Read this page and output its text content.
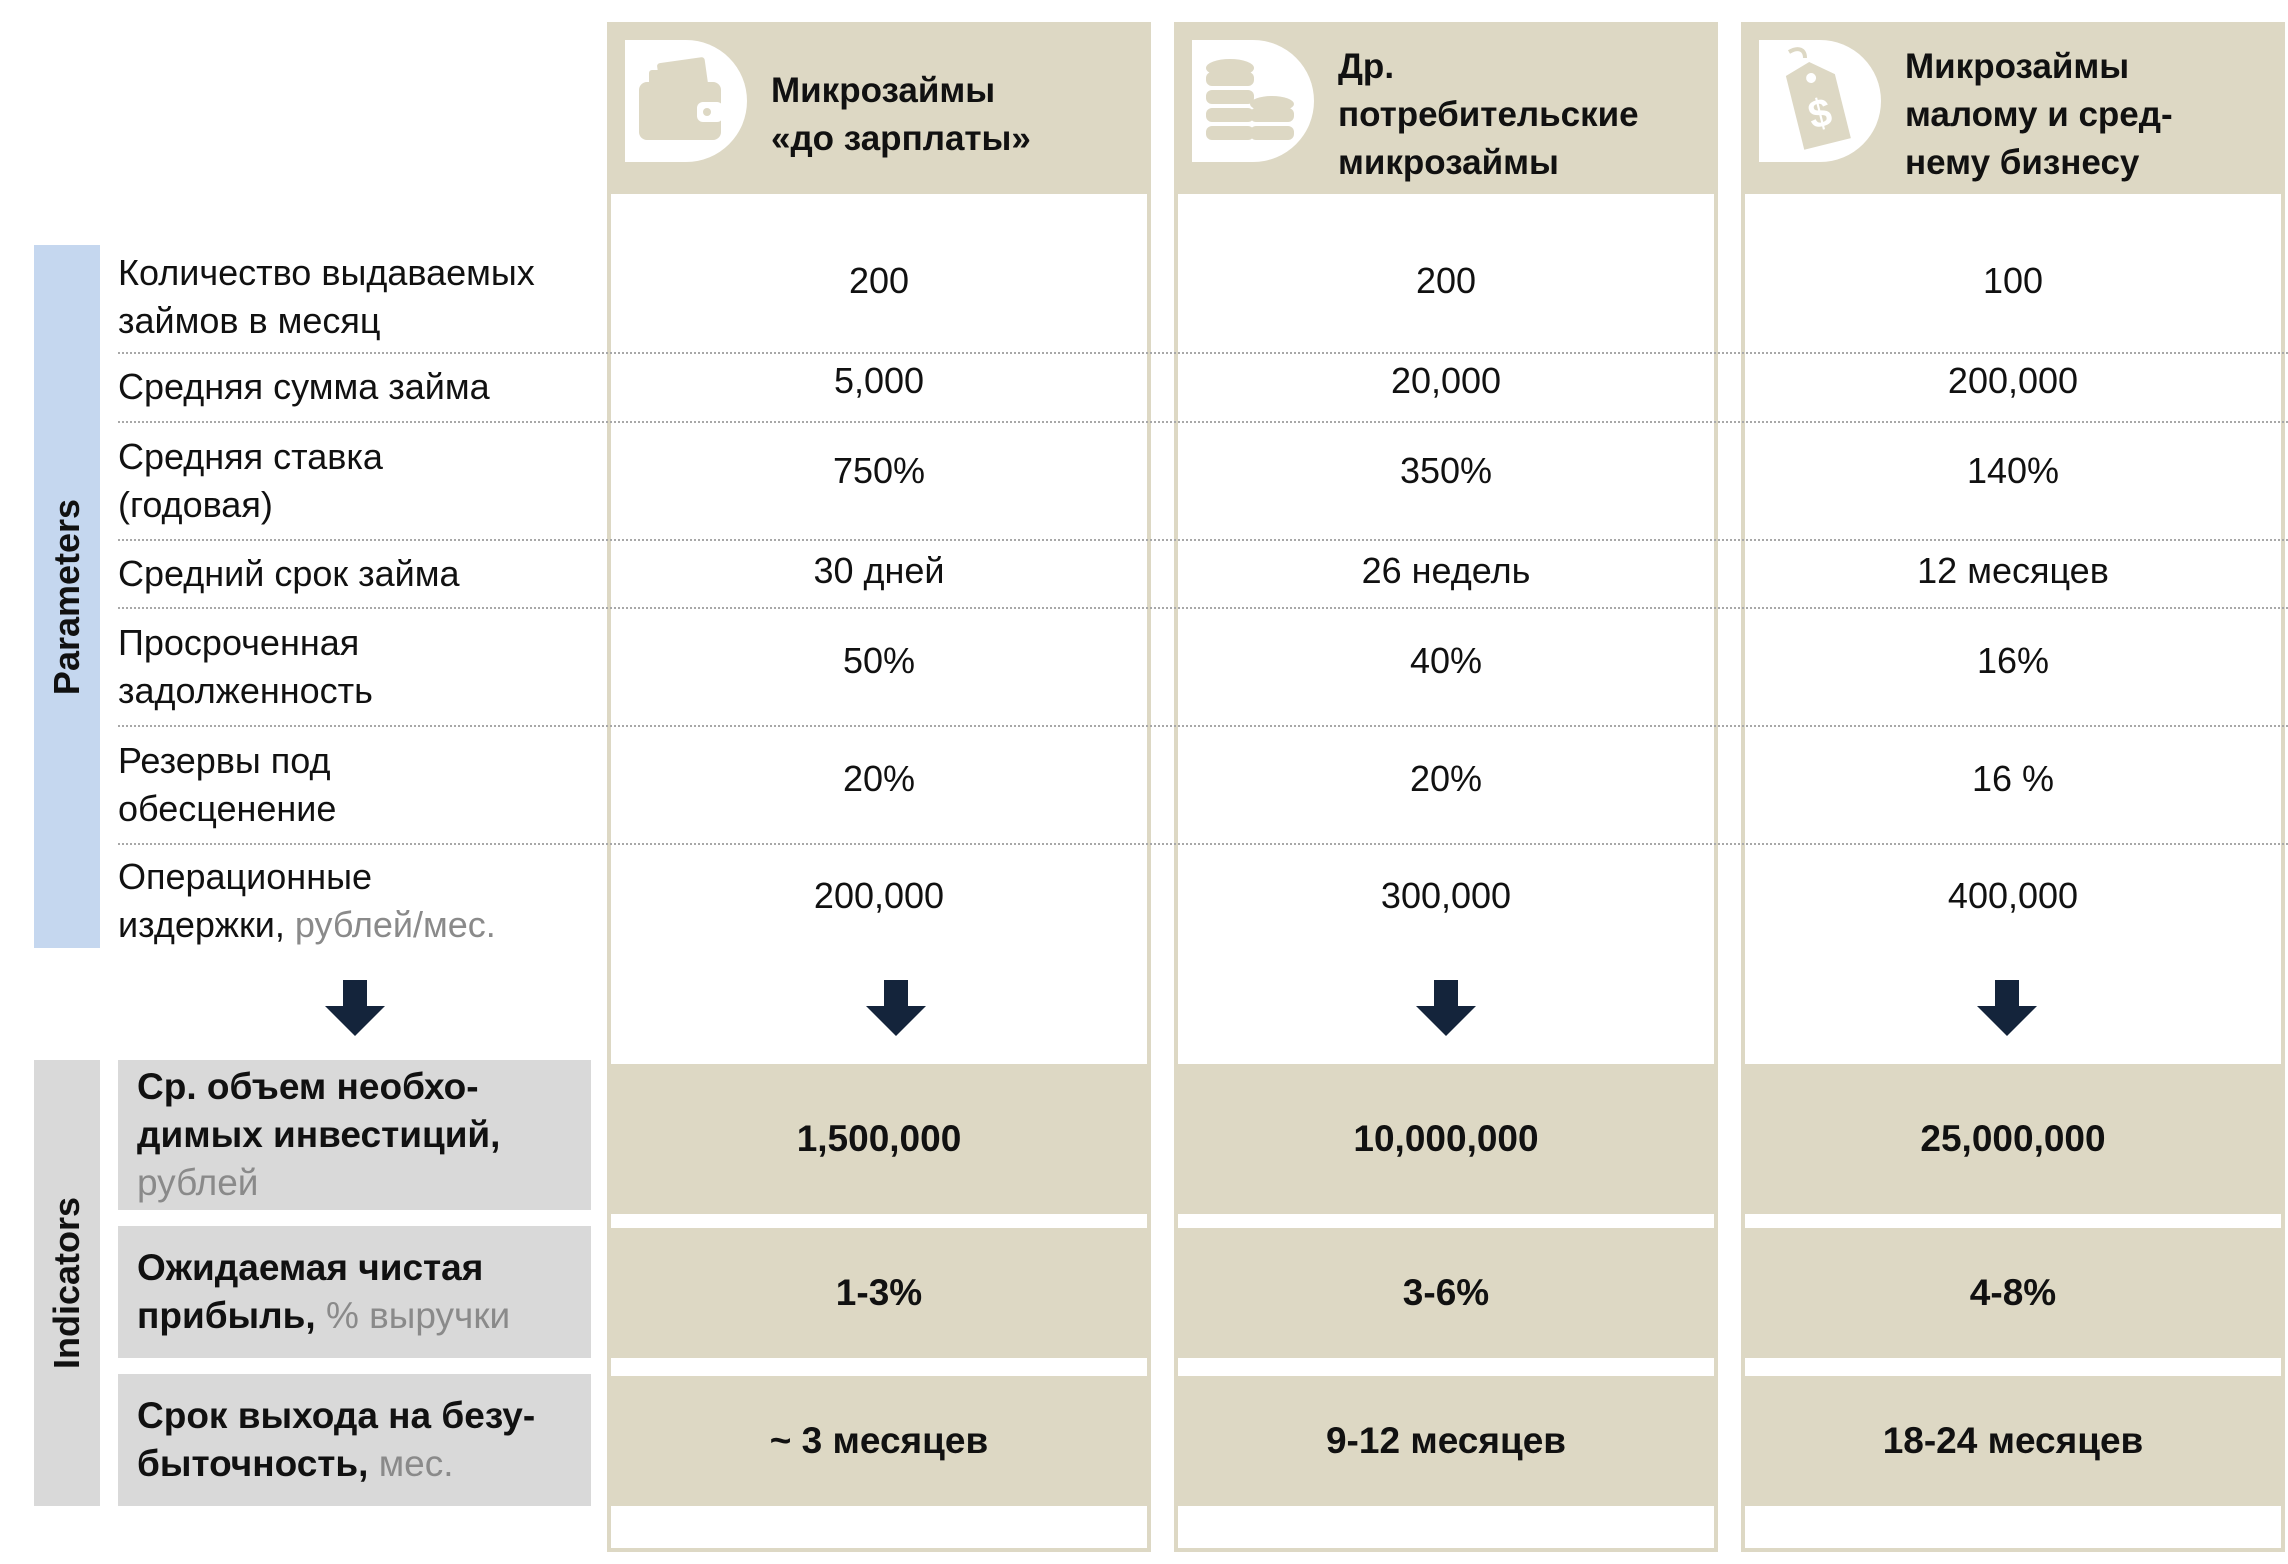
Parameters
Indicators
Микрозаймы
«до зарплаты»
200
5,000
750%
30 дней
50%
20%
200,000
1,500,000
1-3%
~ 3 месяцев
Др.
потребительские
микрозаймы
200
20,000
350%
26 недель
40%
20%
300,000
10,000,000
3-6%
9-12 месяцев
$
Микрозаймы
малому и сред-
нему бизнесу
100
200,000
140%
12 месяцев
16%
16 %
400,000
25,000,000
4-8%
18-24 месяцев
Количество выдаваемых
займов в месяц
Средняя сумма займа
Средняя ставка
(годовая)
Средний срок займа
Просроченная
задолженность
Резервы под
обесценение
Операционные
издержки, рублей/мес.
Ср. объем необхо-
димых инвестиций,
рублей
Ожидаемая чистая
прибыль, % выручки
Срок выхода на безу-
быточность, мес.
